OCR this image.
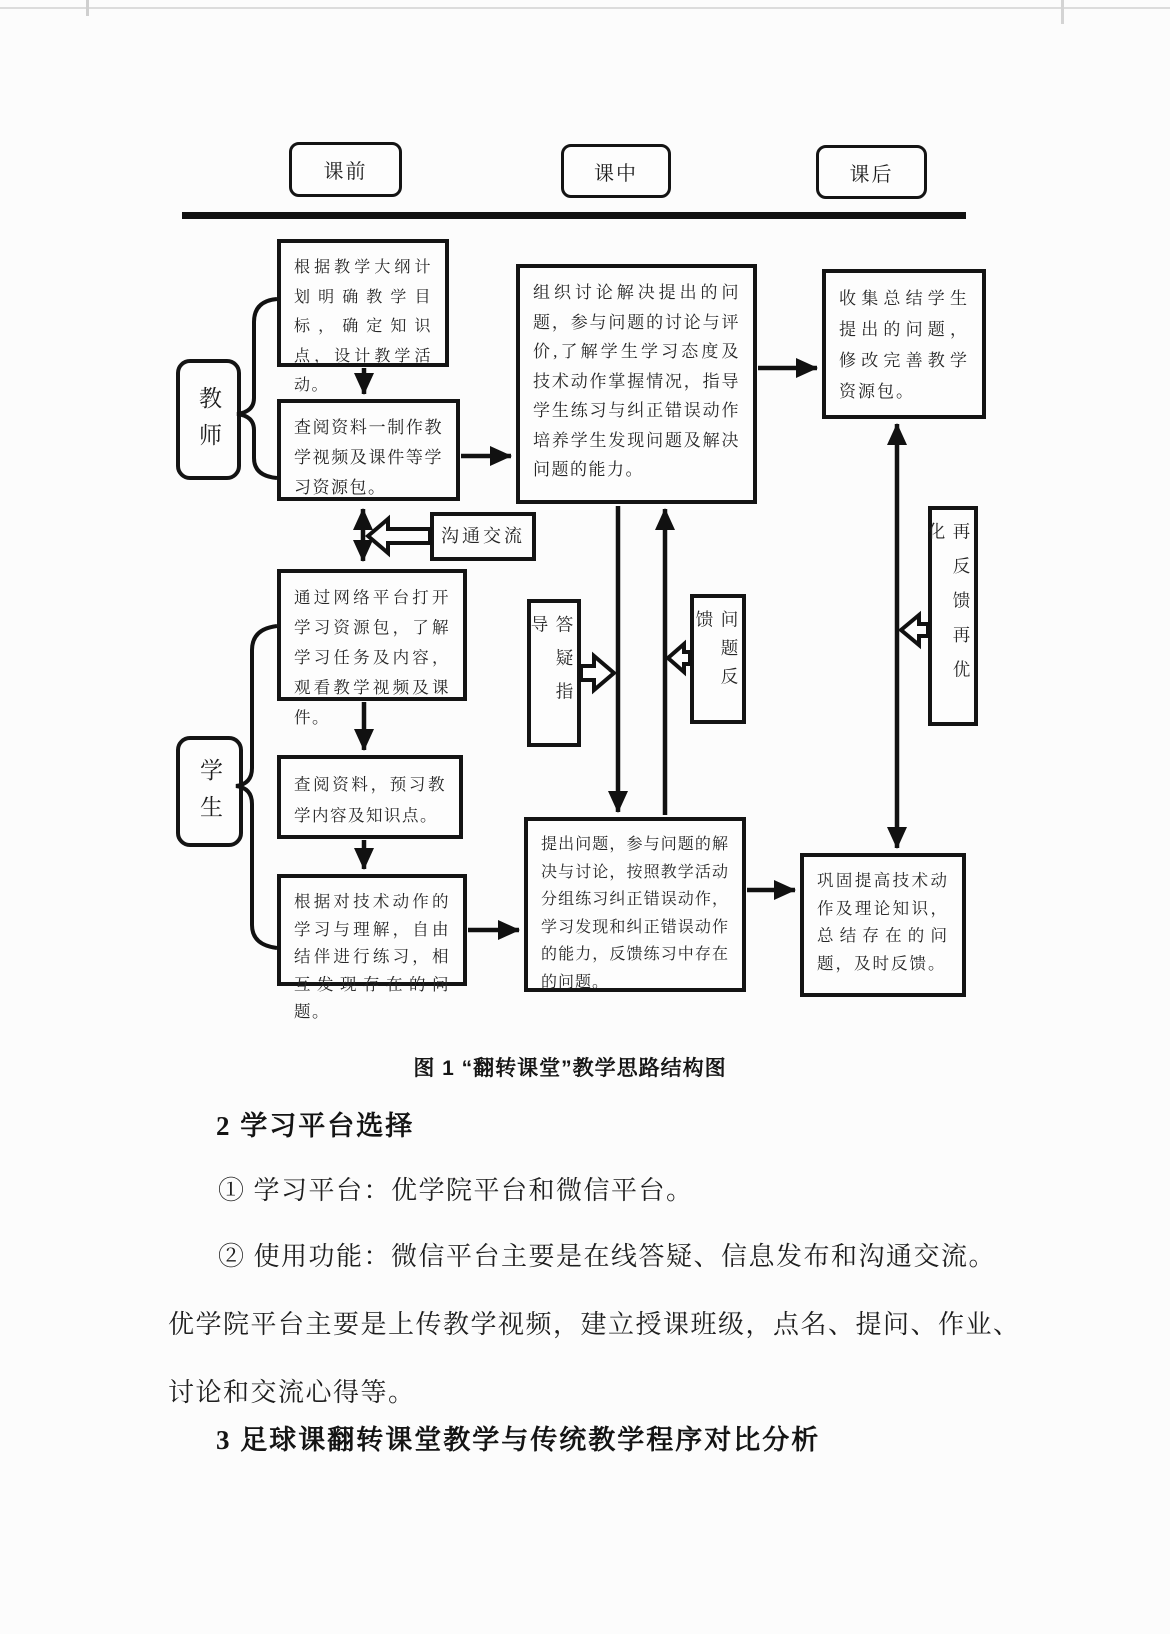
课前	课中	课后
教师
学生
根据教学大纲计划明确教学目标，确定知识点，设计教学活动。
查阅资料一制作教学视频及课件等学习资源包。
组织讨论解决提出的问题，参与问题的讨论与评价,了解学生学习态度及技术动作掌握情况，指导学生练习与纠正错误动作培养学生发现问题及解决问题的能力。
收集总结学生提出的问题，修改完善教学资源包。
沟通交流
通过网络平台打开学习资源包，了解学习任务及内容，观看教学视频及课件。
查阅资料，预习教学内容及知识点。
根据对技术动作的学习与理解，自由结伴进行练习，相互发现存在的问题。
提出问题，参与问题的解决与讨论，按照教学活动分组练习纠正错误动作，学习发现和纠正错误动作的能力，反馈练习中存在的问题。
巩固提高技术动作及理论知识，总结存在的问题，及时反馈。
答疑指导	问题反馈	再反馈再优化
图 1 “翻转课堂”教学思路结构图
2 学习平台选择
① 学习平台：优学院平台和微信平台。
② 使用功能：微信平台主要是在线答疑、信息发布和沟通交流。
优学院平台主要是上传教学视频，建立授课班级，点名、提问、作业、
讨论和交流心得等。
3 足球课翻转课堂教学与传统教学程序对比分析
